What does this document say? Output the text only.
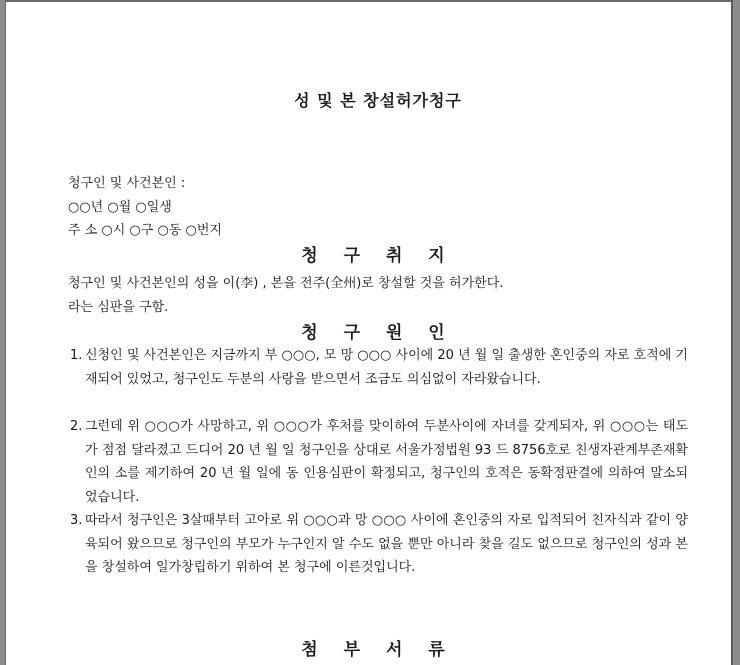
성 및 본 창설허가청구
청구인 및 사건본인 :
○○년 ○월 ○일생
주 소 ○시 ○구 ○동 ○번지
청 구 취 지
청구인 및 사건본인의 성을 이(李) , 본을 전주(全州)로 창설할 것을 허가한다.
라는 심판을 구함.
청 구 원 인
1. 신청인 및 사건본인은 지금까지 부 ○○○, 모 망 ○○○ 사이에 20 년 월 일 출생한 혼인중의 자로 호적에 기재되어 있었고, 청구인도 두분의 사랑을 받으면서 조금도 의심없이 자라왔습니다.
2. 그런데 위 ○○○가 사망하고, 위 ○○○가 후처를 맞이하여 두분사이에 자녀를 갖게되자, 위 ○○○는 태도가 점점 달라졌고 드디어 20 년 월 일 청구인을 상대로 서울가정법원 93 드 8756호로 친생자관계부존재확인의 소를 제기하여 20 년 월 일에 동 인용심판이 확정되고, 청구인의 호적은 동확정판결에 의하여 말소되었습니다.
3. 따라서 청구인은 3살때부터 고아로 위 ○○○과 망 ○○○ 사이에 혼인중의 자로 입적되어 친자식과 같이 양육되어 왔으므로 청구인의 부모가 누구인지 알 수도 없을 뿐만 아니라 찾을 길도 없으므로 청구인의 성과 본을 창설하여 일가창립하기 위하여 본 청구에 이른것입니다.
첨 부 서 류
